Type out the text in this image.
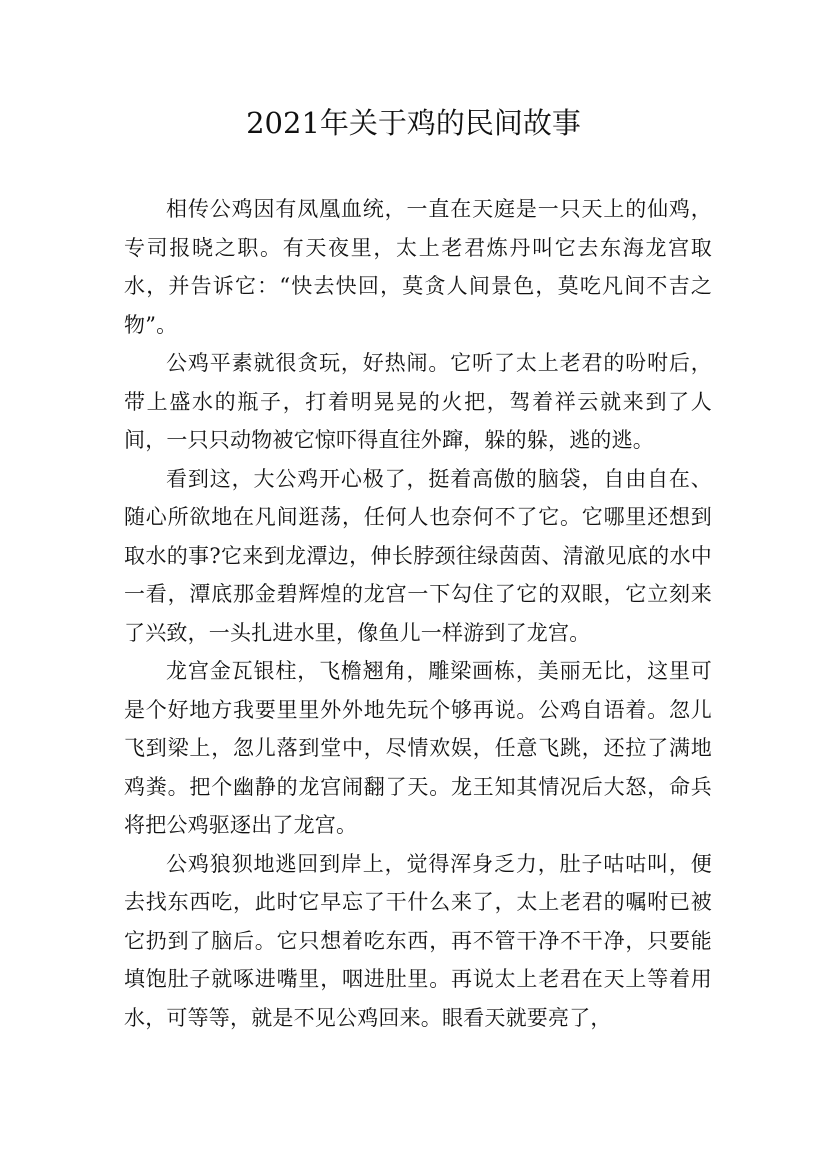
2021年关于鸡的民间故事

相传公鸡因有凤凰血统，一直在天庭是一只天上的仙鸡，专司报晓之职。有天夜里，太上老君炼丹叫它去东海龙宫取水，并告诉它：“快去快回，莫贪人间景色，莫吃凡间不吉之物”。

公鸡平素就很贪玩，好热闹。它听了太上老君的吩咐后，带上盛水的瓶子，打着明晃晃的火把，驾着祥云就来到了人间，一只只动物被它惊吓得直往外蹿，躲的躲，逃的逃。

看到这，大公鸡开心极了，挺着高傲的脑袋，自由自在、随心所欲地在凡间逛荡，任何人也奈何不了它。它哪里还想到取水的事?它来到龙潭边，伸长脖颈往绿茵茵、清澈见底的水中一看，潭底那金碧辉煌的龙宫一下勾住了它的双眼，它立刻来了兴致，一头扎进水里，像鱼儿一样游到了龙宫。

龙宫金瓦银柱，飞檐翘角，雕梁画栋，美丽无比，这里可是个好地方我要里里外外地先玩个够再说。公鸡自语着。忽儿飞到梁上，忽儿落到堂中，尽情欢娱，任意飞跳，还拉了满地鸡粪。把个幽静的龙宫闹翻了天。龙王知其情况后大怒，命兵将把公鸡驱逐出了龙宫。

公鸡狼狈地逃回到岸上，觉得浑身乏力，肚子咕咕叫，便去找东西吃，此时它早忘了干什么来了，太上老君的嘱咐已被它扔到了脑后。它只想着吃东西，再不管干净不干净，只要能填饱肚子就啄进嘴里，咽进肚里。再说太上老君在天上等着用水，可等等，就是不见公鸡回来。眼看天就要亮了，
